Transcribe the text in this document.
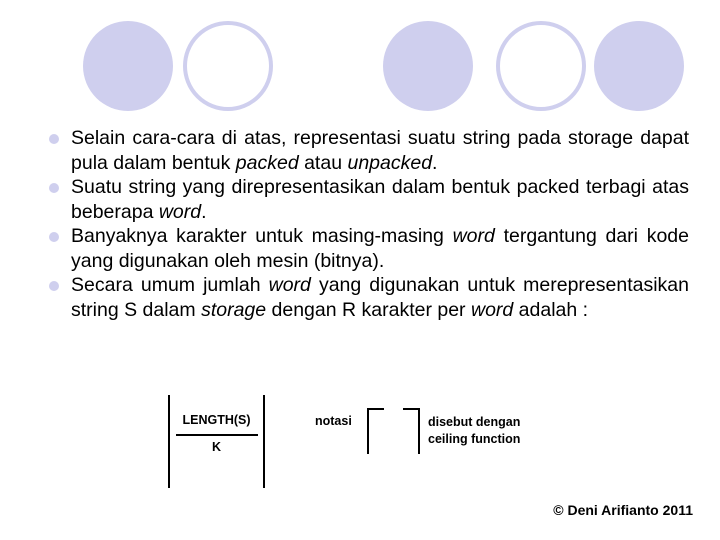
Selain cara-cara di atas, representasi suatu string pada storage dapat pula dalam bentuk packed atau unpacked.
Suatu string yang direpresentasikan dalam bentuk packed terbagi atas beberapa word.
Banyaknya karakter untuk masing-masing word tergantung dari kode yang digunakan oleh mesin (bitnya).
Secara umum jumlah word yang digunakan untuk merepresentasikan string S dalam storage dengan R karakter per word adalah :
LENGTH(S)
K
notasi	disebut dengan
ceiling function
© Deni Arifianto 2011
